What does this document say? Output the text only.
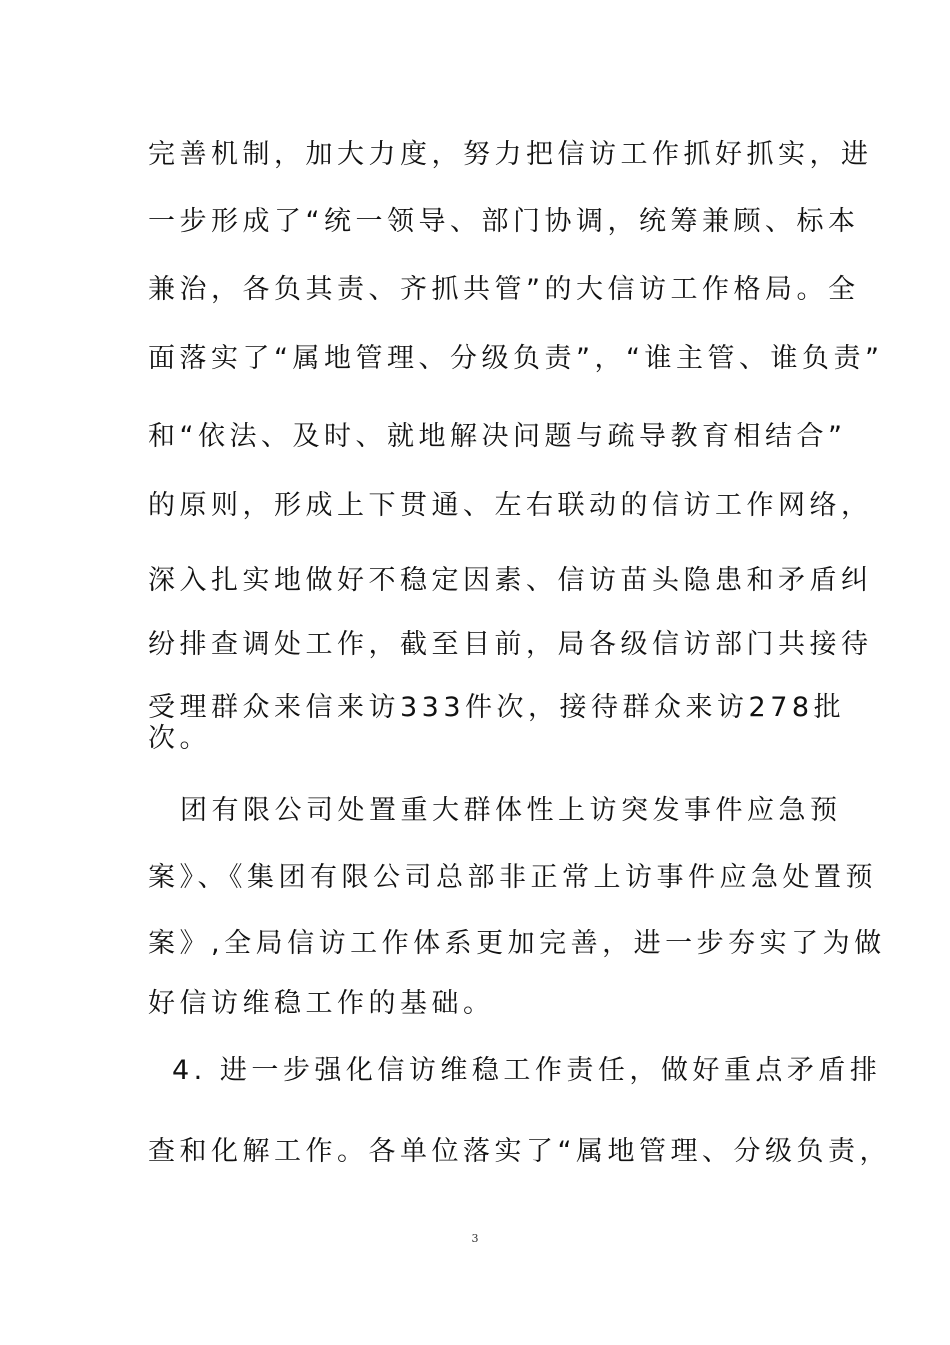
完善机制，加大力度，努力把信访工作抓好抓实，进
一步形成了“统一领导、部门协调，统筹兼顾、标本
兼治，各负其责、齐抓共管”的大信访工作格局。全
面落实了“属地管理、分级负责”，“谁主管、谁负责”
和“依法、及时、就地解决问题与疏导教育相结合”
的原则，形成上下贯通、左右联动的信访工作网络，
深入扎实地做好不稳定因素、信访苗头隐患和矛盾纠
纷排查调处工作，截至目前，局各级信访部门共接待
受理群众来信来访333件次，接待群众来访278批
次。
团有限公司处置重大群体性上访突发事件应急预
案》、《集团有限公司总部非正常上访事件应急处置预
案》,全局信访工作体系更加完善，进一步夯实了为做
好信访维稳工作的基础。
4. 进一步强化信访维稳工作责任，做好重点矛盾排
查和化解工作。各单位落实了“属地管理、分级负责，
3
